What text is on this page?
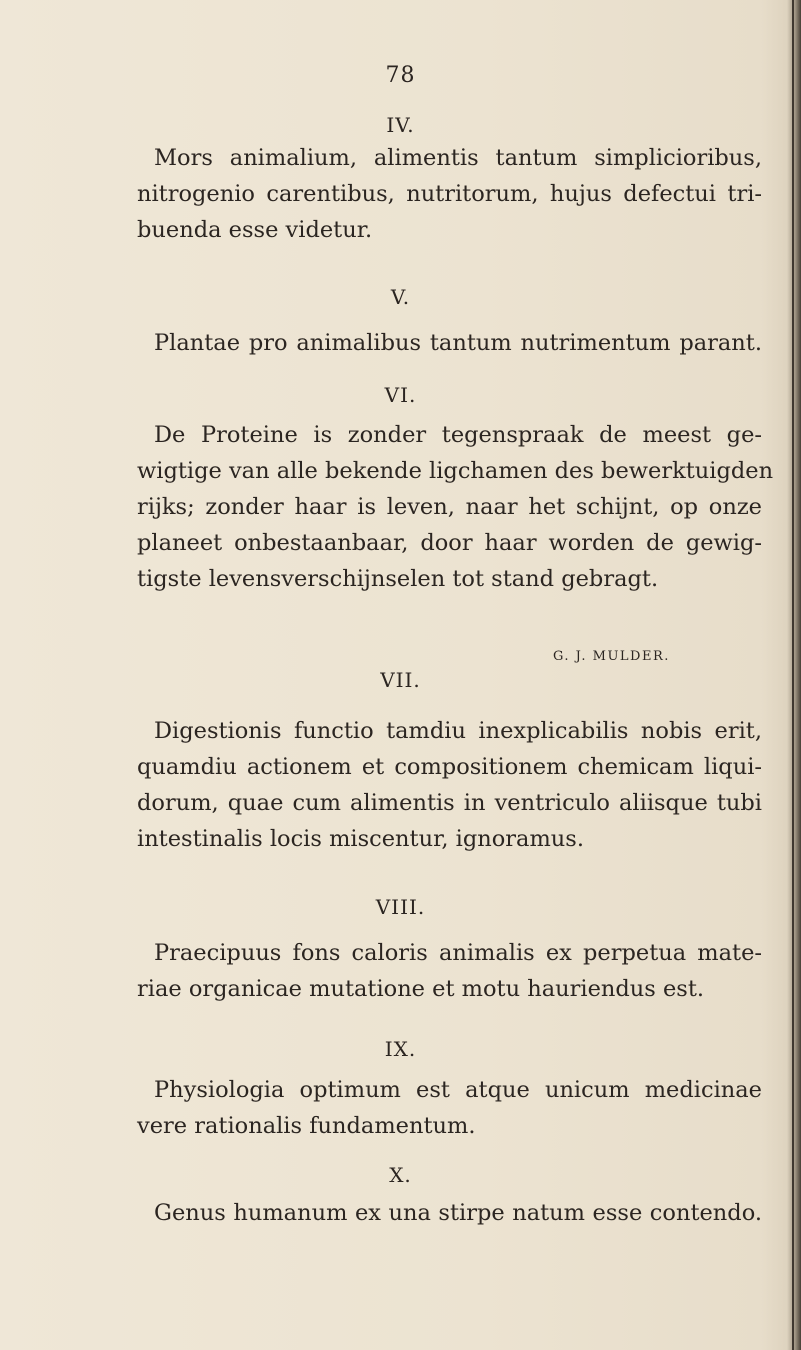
78
IV.
Mors animalium, alimentis tantum simplicioribus,
nitrogenio carentibus, nutritorum, hujus defectui tri-
buenda esse videtur.
V.
Plantae pro animalibus tantum nutrimentum parant.
VI.
De Proteine is zonder tegenspraak de meest ge-
wigtige van alle bekende ligchamen des bewerktuigden
rijks; zonder haar is leven, naar het schijnt, op onze
planeet onbestaanbaar, door haar worden de gewig-
tigste levensverschijnselen tot stand gebragt.
G. J. MULDER.
VII.
Digestionis functio tamdiu inexplicabilis nobis erit,
quamdiu actionem et compositionem chemicam liqui-
dorum, quae cum alimentis in ventriculo aliisque tubi
intestinalis locis miscentur, ignoramus.
VIII.
Praecipuus fons caloris animalis ex perpetua mate-
riae organicae mutatione et motu hauriendus est.
IX.
Physiologia optimum est atque unicum medicinae
vere rationalis fundamentum.
X.
Genus humanum ex una stirpe natum esse contendo.
